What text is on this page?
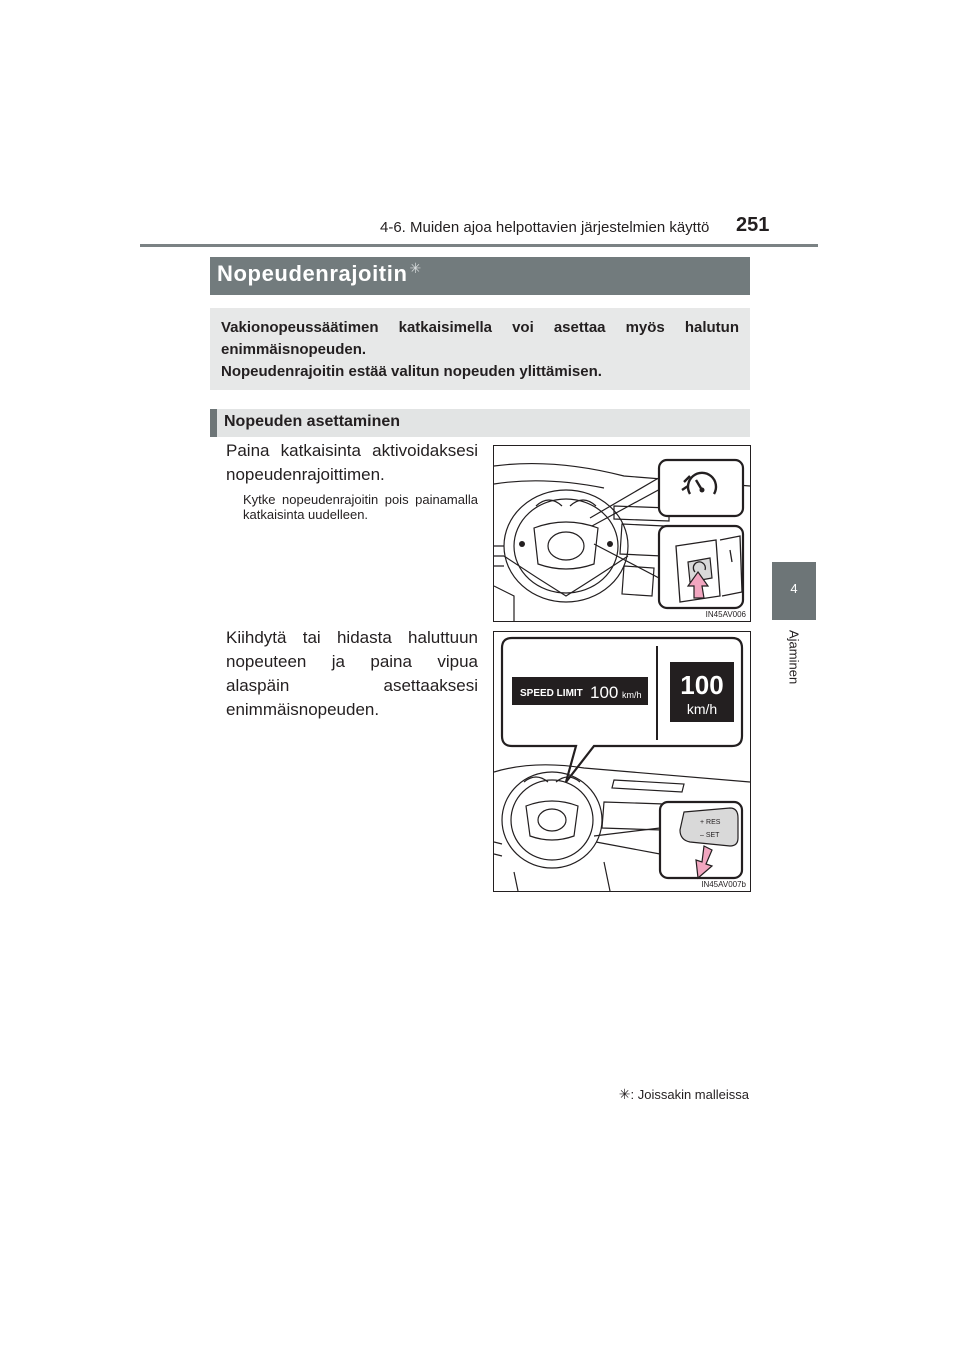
4-6. Muiden ajoa helpottavien järjestelmien käyttö 251
4
Ajaminen
Nopeudenrajoitin ✳
Vakionopeussäätimen katkaisimella voi asettaa myös halutun enimmäisnopeuden.
Nopeudenrajoitin estää valitun nopeuden ylittämisen.
Nopeuden asettaminen
Paina katkaisinta aktivoidaksesi nopeudenrajoittimen.
Kytke nopeudenrajoitin pois painamalla katkaisinta uudelleen.
IN45AV006
Kiihdytä tai hidasta haluttuun nopeuteen ja paina vipua alaspäin asettaaksesi enimmäisnopeuden.
SPEED LIMIT 100 km/h 100
km/h
+ RES
– SET
IN45AV007b
✳: Joissakin malleissa
